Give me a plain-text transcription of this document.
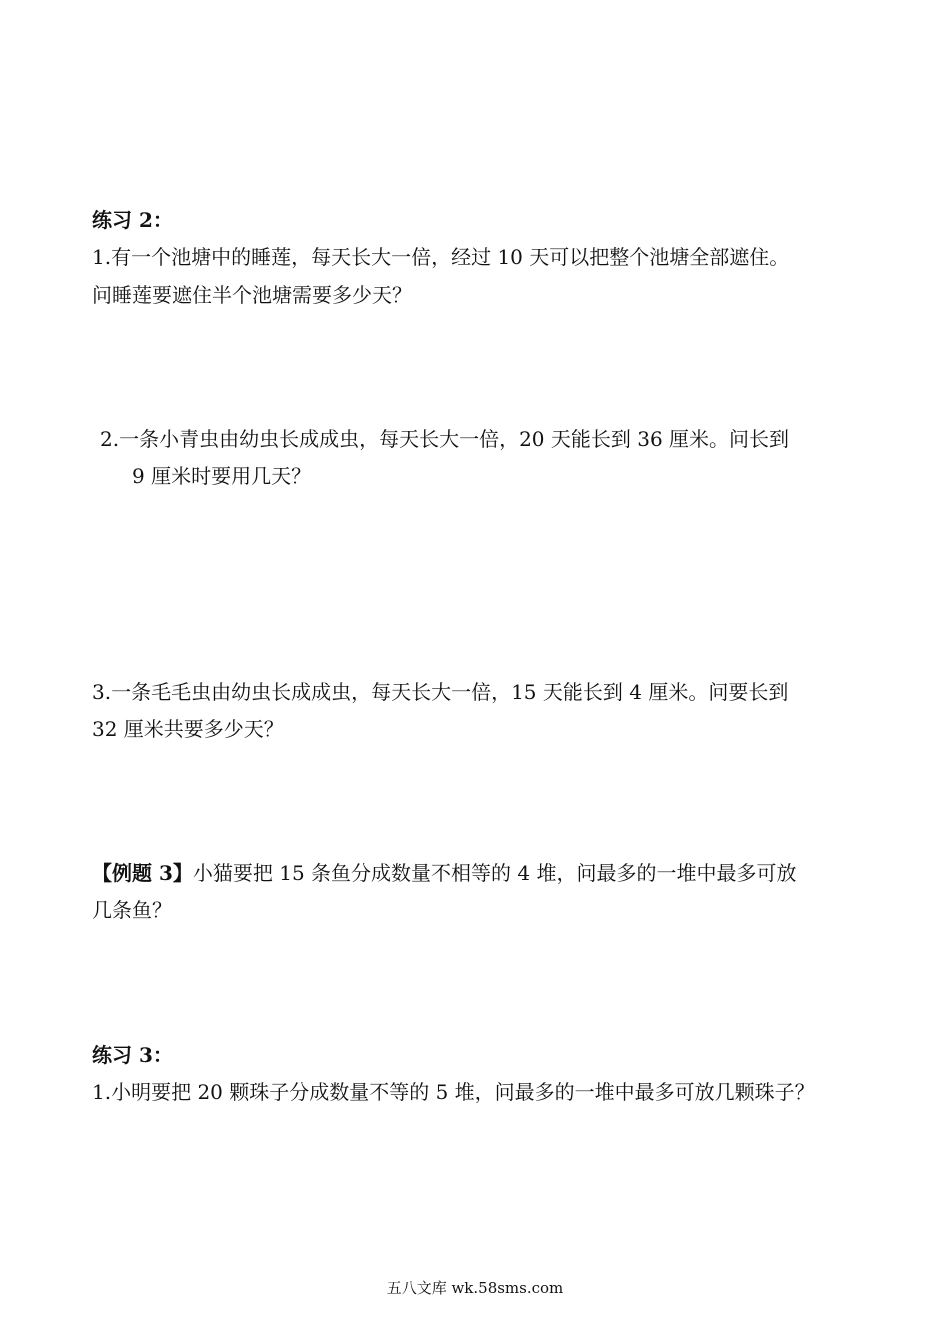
练习 2：
1.有一个池塘中的睡莲，每天长大一倍，经过 10 天可以把整个池塘全部遮住。
问睡莲要遮住半个池塘需要多少天？
2.一条小青虫由幼虫长成成虫，每天长大一倍，20 天能长到 36 厘米。问长到
9 厘米时要用几天？
3.一条毛毛虫由幼虫长成成虫，每天长大一倍，15 天能长到 4 厘米。问要长到
32 厘米共要多少天？
【例题 3】小猫要把 15 条鱼分成数量不相等的 4 堆，问最多的一堆中最多可放
几条鱼？
练习 3：
1.小明要把 20 颗珠子分成数量不等的 5 堆，问最多的一堆中最多可放几颗珠子？
五八文库 wk.58sms.com
